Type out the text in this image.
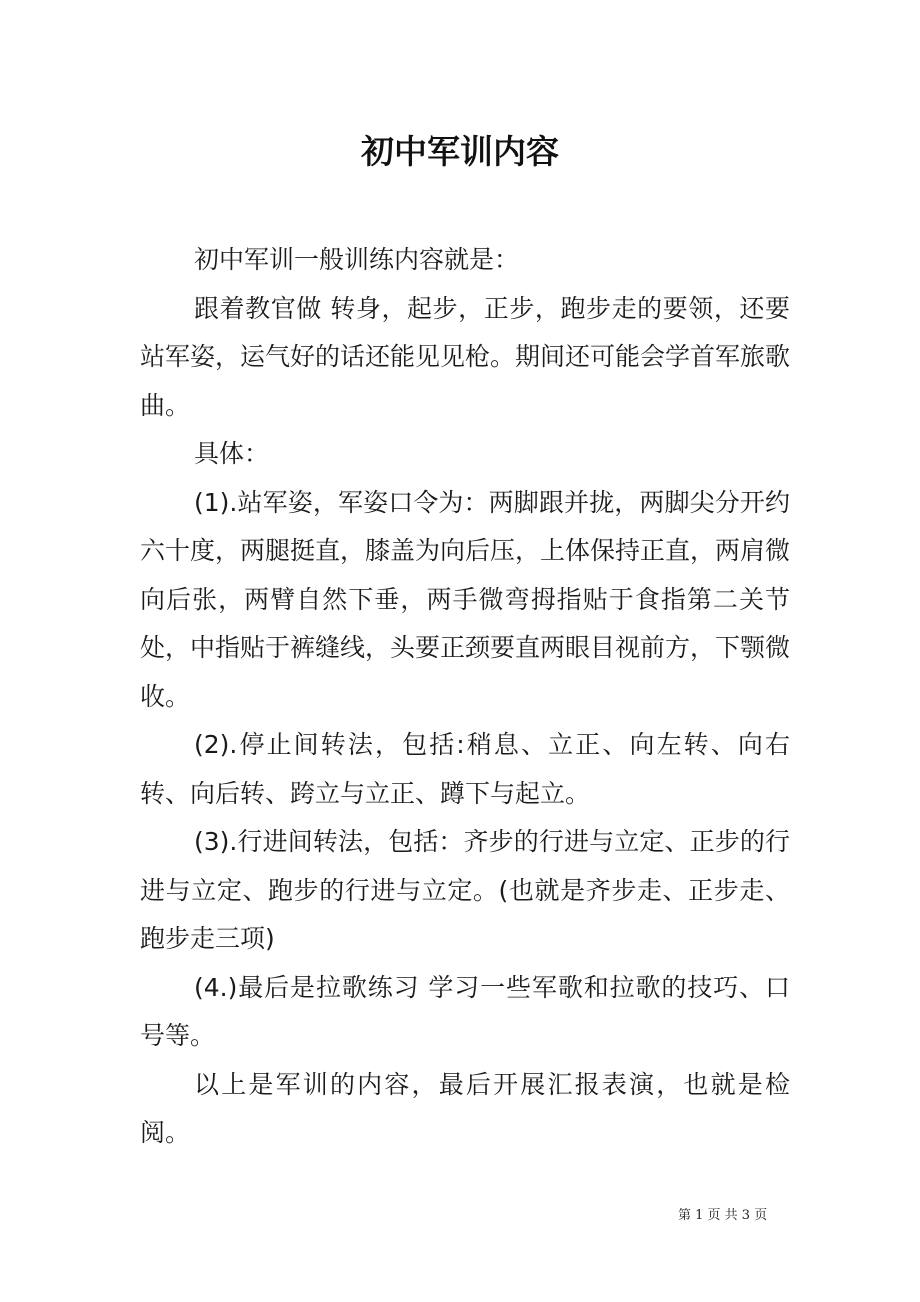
初中军训内容

初中军训一般训练内容就是：

跟着教官做 转身，起步，正步，跑步走的要领，还要站军姿，运气好的话还能见见枪。期间还可能会学首军旅歌曲。

具体：

(1).站军姿，军姿口令为：两脚跟并拢，两脚尖分开约六十度，两腿挺直，膝盖为向后压，上体保持正直，两肩微向后张，两臂自然下垂，两手微弯拇指贴于食指第二关节处，中指贴于裤缝线，头要正颈要直两眼目视前方，下颚微收。

(2).停止间转法，包括:稍息、立正、向左转、向右转、向后转、跨立与立正、蹲下与起立。

(3).行进间转法，包括：齐步的行进与立定、正步的行进与立定、跑步的行进与立定。(也就是齐步走、正步走、跑步走三项)

(4.)最后是拉歌练习 学习一些军歌和拉歌的技巧、口号等。

以上是军训的内容，最后开展汇报表演，也就是检阅。

第 1 页 共 3 页
